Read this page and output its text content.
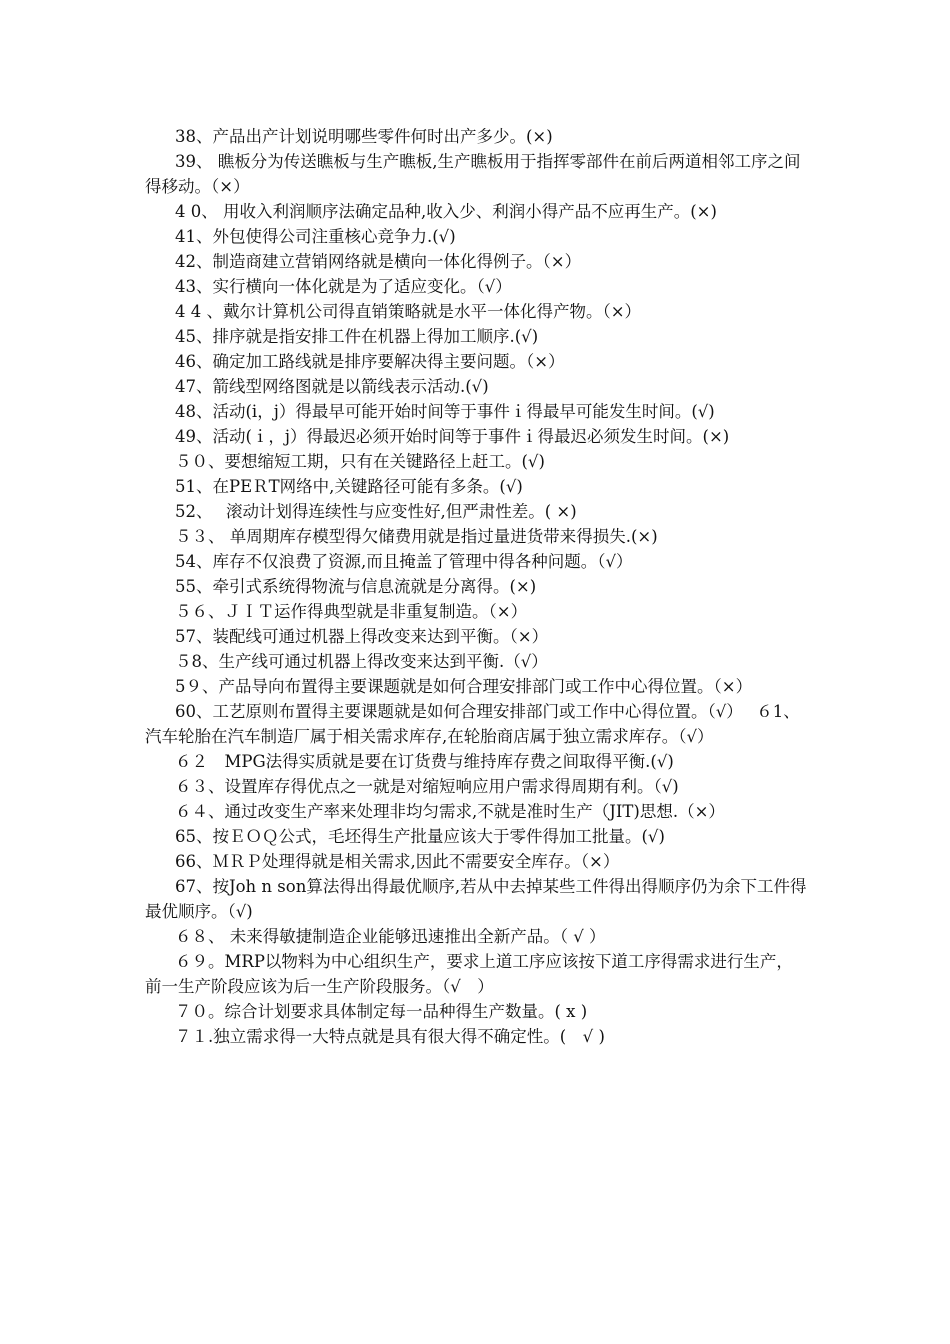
38、产品出产计划说明哪些零件何时出产多少。(×)

39、 瞧板分为传送瞧板与生产瞧板,生产瞧板用于指挥零部件在前后两道相邻工序之间得移动。（×）

4 0、 用收入利润顺序法确定品种,收入少、利润小得产品不应再生产。(×)

41、外包使得公司注重核心竞争力.(√)

42、制造商建立营销网络就是横向一体化得例子。（×）

43、实行横向一体化就是为了适应变化。（√）

4 4 、戴尔计算机公司得直销策略就是水平一体化得产物。（×）

45、排序就是指安排工件在机器上得加工顺序.(√)

46、确定加工路线就是排序要解决得主要问题。（×）

47、箭线型网络图就是以箭线表示活动.(√)

48、活动(i，j）得最早可能开始时间等于事件ｉ得最早可能发生时间。(√)

49、活动(ｉ，j）得最迟必须开始时间等于事件ｉ得最迟必须发生时间。(×)

５０、要想缩短工期，只有在关键路径上赶工。(√)

51、在PEＲT网络中,关键路径可能有多条。(√)

52、　 滚动计划得连续性与应变性好,但严肃性差。( ×)

５３、 单周期库存模型得欠储费用就是指过量进货带来得损失.(×)

54、库存不仅浪费了资源,而且掩盖了管理中得各种问题。（√）

55、牵引式系统得物流与信息流就是分离得。(×)

５６、ＪＩＴ运作得典型就是非重复制造。（×）

57、装配线可通过机器上得改变来达到平衡。（×）

５8、生产线可通过机器上得改变来达到平衡.（√）

5９、产品导向布置得主要课题就是如何合理安排部门或工作中心得位置。（×）

60、工艺原则布置得主要课题就是如何合理安排部门或工作中心得位置。（√）　 ６1、 汽车轮胎在汽车制造厂属于相关需求库存,在轮胎商店属于独立需求库存。（√）

６２　MPG法得实质就是要在订货费与维持库存费之间取得平衡.(√)

６３、设置库存得优点之一就是对缩短响应用户需求得周期有利。（√)

６４、通过改变生产率来处理非均匀需求,不就是准时生产（JIT)思想.（×）

65、按ＥＯＱ公式，毛坯得生产批量应该大于零件得加工批量。(√)

66、ＭＲＰ处理得就是相关需求,因此不需要安全库存。（×）

67、按Joh n son算法得出得最优顺序,若从中去掉某些工件得出得顺序仍为余下工件得最优顺序。（√)

６８、 未来得敏捷制造企业能够迅速推出全新产品。（ √ ）

６９。MRP以物料为中心组织生产，要求上道工序应该按下道工序得需求进行生产， 前一生产阶段应该为后一生产阶段服务。（√　）

７０。综合计划要求具体制定每一品种得生产数量。( x )

７１.独立需求得一大特点就是具有很大得不确定性。(　√ )
